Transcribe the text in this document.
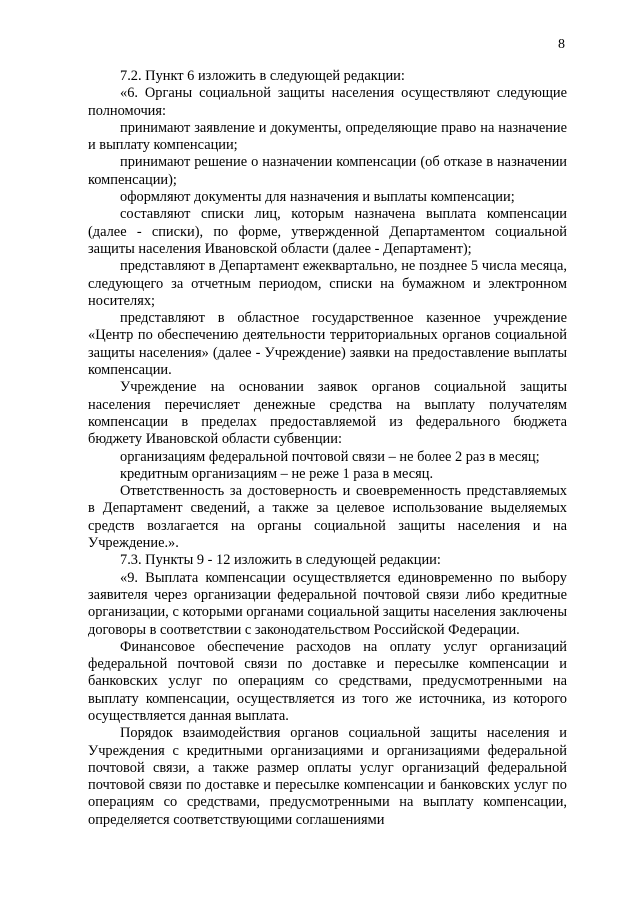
8

7.2. Пункт 6 изложить в следующей редакции:

«6. Органы социальной защиты населения осуществляют следующие полномочия:

принимают заявление и документы, определяющие право на назначение и выплату компенсации;

принимают решение о назначении компенсации (об отказе в назначении компенсации);

оформляют документы для назначения и выплаты компенсации;

составляют списки лиц, которым назначена выплата компенсации (далее - списки), по форме, утвержденной Департаментом социальной защиты населения Ивановской области (далее - Департамент);

представляют в Департамент ежеквартально, не позднее 5 числа месяца, следующего за отчетным периодом, списки на бумажном и электронном носителях;

представляют в областное государственное казенное учреждение «Центр по обеспечению деятельности территориальных органов социальной защиты населения» (далее - Учреждение) заявки на предоставление выплаты компенсации.

Учреждение на основании заявок органов социальной защиты населения перечисляет денежные средства на выплату получателям компенсации в пределах предоставляемой из федерального бюджета бюджету Ивановской области субвенции:

организациям федеральной почтовой связи – не более 2 раз в месяц;

кредитным организациям – не реже 1 раза в месяц.

Ответственность за достоверность и своевременность представляемых в Департамент сведений, а также за целевое использование выделяемых средств возлагается на органы социальной защиты населения и на Учреждение.».

7.3. Пункты 9 - 12 изложить в следующей редакции:

«9. Выплата компенсации осуществляется единовременно по выбору заявителя через организации федеральной почтовой связи либо кредитные организации, с которыми органами социальной защиты населения заключены договоры в соответствии с законодательством Российской Федерации.

Финансовое обеспечение расходов на оплату услуг организаций федеральной почтовой связи по доставке и пересылке компенсации и банковских услуг по операциям со средствами, предусмотренными на выплату компенсации, осуществляется из того же источника, из которого осуществляется данная выплата.

Порядок взаимодействия органов социальной защиты населения и Учреждения с кредитными организациями и организациями федеральной почтовой связи, а также размер оплаты услуг организаций федеральной почтовой связи по доставке и пересылке компенсации и банковских услуг по операциям со средствами, предусмотренными на выплату компенсации, определяется соответствующими соглашениями
